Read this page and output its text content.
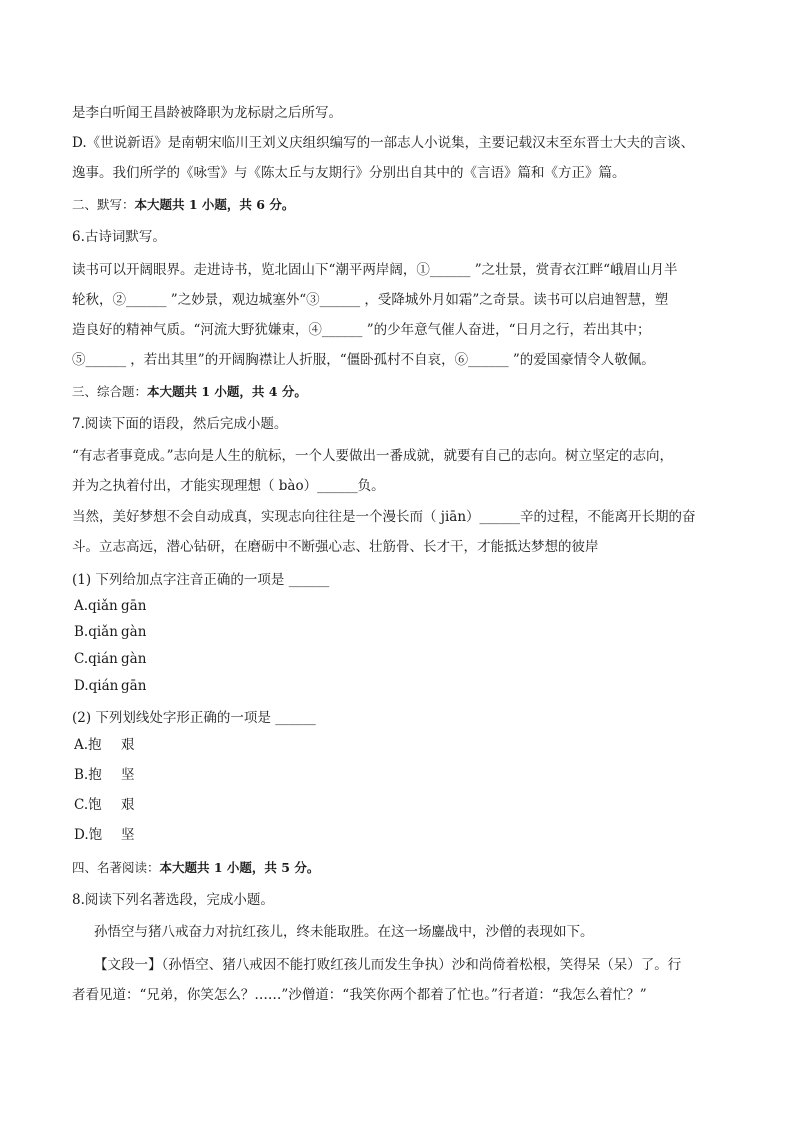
是李白听闻王昌龄被降职为龙标尉之后所写。
D.《世说新语》是南朝宋临川王刘义庆组织编写的一部志人小说集，主要记载汉末至东晋士大夫的言谈、
逸事。我们所学的《咏雪》与《陈太丘与友期行》分别出自其中的《言语》篇和《方正》篇。
二、默写：本大题共 1 小题，共 6 分。
6.古诗词默写。
读书可以开阔眼界。走进诗书，览北固山下“潮平两岸阔，①______ ”之壮景，赏青衣江畔“峨眉山月半
轮秋，②______ ”之妙景，观边城塞外“③______ ，受降城外月如霜”之奇景。读书可以启迪智慧，塑
造良好的精神气质。“河流大野犹嫌束，④______ ”的少年意气催人奋进，“日月之行，若出其中；
⑤______ ，若出其里”的开阔胸襟让人折服，“僵卧孤村不自哀，⑥______ ”的爱国豪情令人敬佩。
三、综合题：本大题共 1 小题，共 4 分。
7.阅读下面的语段，然后完成小题。
“有志者事竟成。”志向是人生的航标，一个人要做出一番成就，就要有自己的志向。树立坚定的志向，
并为之执着付出，才能实现理想（ bào）______负。
当然，美好梦想不会自动成真，实现志向往往是一个漫长而（ jiān）______辛的过程，不能离开长期的奋
斗。立志高远，潜心钻研，在磨砺中不断强心志、壮筋骨、长才干，才能抵达梦想的彼岸
(1) 下列给加点字注音正确的一项是 ______
A.qiǎn gān
B.qiǎn gàn
C.qián gàn
D.qián gān
(2) 下列划线处字形正确的一项是 ______
A.抱 艰
B.抱 坚
C.饱 艰
D.饱 坚
四、名著阅读：本大题共 1 小题，共 5 分。
8.阅读下列名著选段，完成小题。
孙悟空与猪八戒奋力对抗红孩儿，终未能取胜。在这一场鏖战中，沙僧的表现如下。
【文段一】（孙悟空、猪八戒因不能打败红孩儿而发生争执）沙和尚倚着松根，笑得呆（呆）了。行
者看见道：“兄弟，你笑怎么？……”沙僧道：“我笑你两个都着了忙也。”行者道：“我怎么着忙？”
